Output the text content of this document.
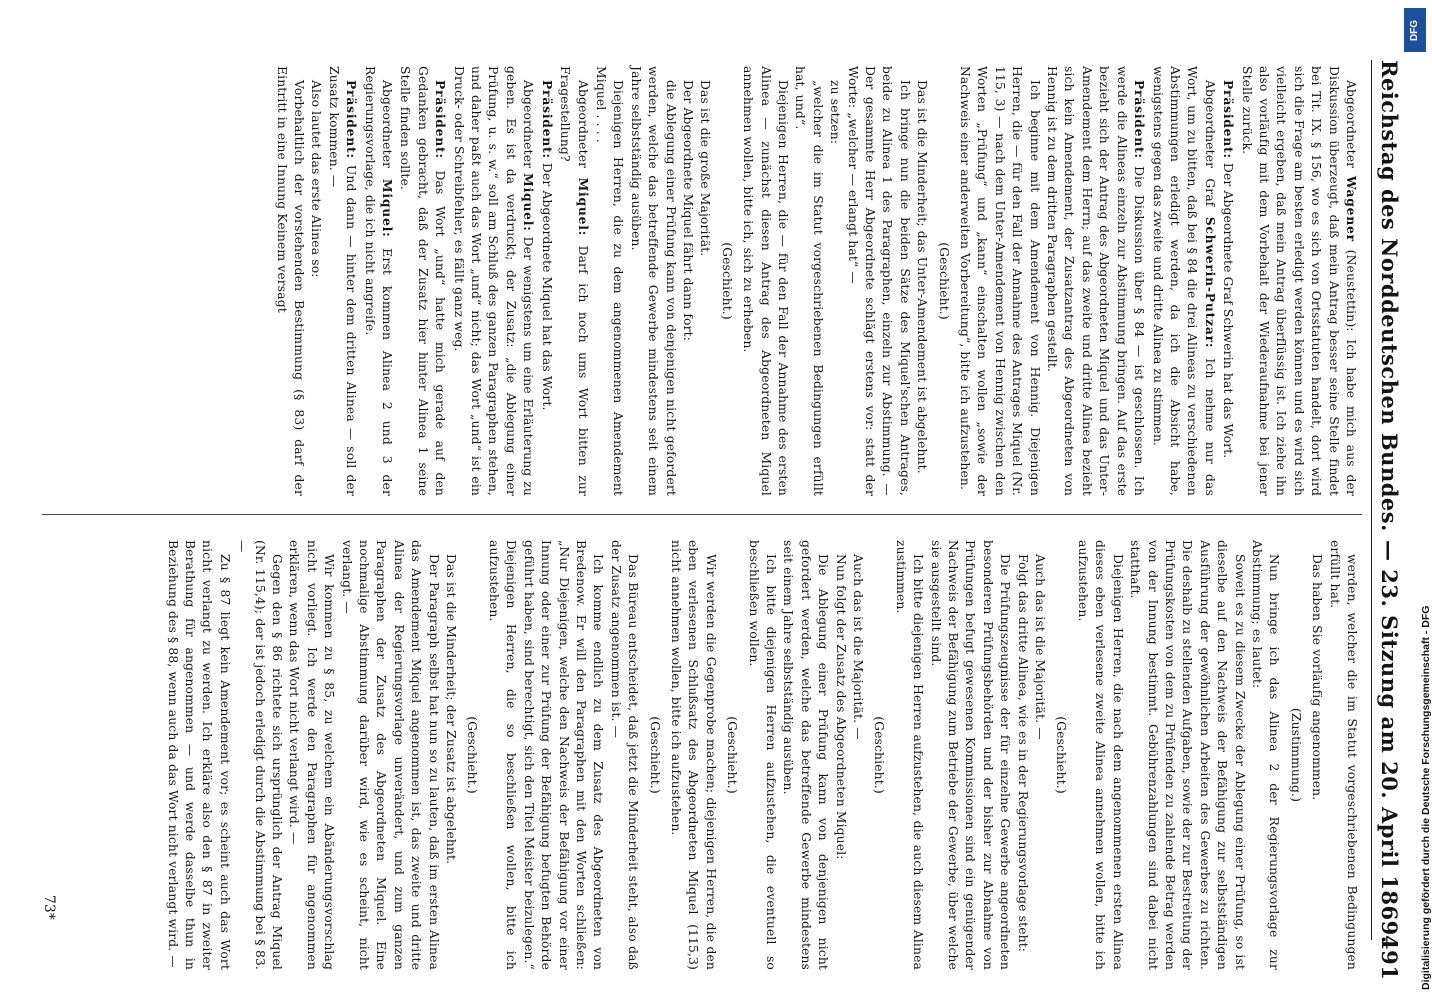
Reichstag des Norddeutschen Bundes.
— 23. Sitzung am 20. April 1869.
491

Abgeordneter Wagener (Neustettin): Ich habe mich aus der Diskussion überzeugt, daß mein Antrag besser seine Stelle findet bei Tit. IX. § 156, wo es sich von Ortsstatuten handelt, dort wird sich die Frage am besten erledigt werden können und es wird sich vielleicht ergeben, daß mein Antrag überflüssig ist. Ich ziehe ihn also vorläufig mit dem Vorbehalt der Wiederaufnahme bei jener Stelle zurück.

Präsident: Der Abgeordnete Graf Schwerin hat das Wort.

Abgeordneter Graf Schwerin-Putzar: Ich nehme nur das Wort, um zu bitten, daß bei § 84 die drei Alineas zu verschiedenen Abstimmungen erledigt werden, da ich die Absicht habe, wenigstens gegen das zweite und dritte Alinea zu stimmen.

Präsident: Die Diskussion über § 84 — ist geschlossen. Ich werde die Alineas einzeln zur Abstimmung bringen. Auf das erste bezieht sich der Antrag des Abgeordneten Miquel und das Unter-Amendement dem Herrn; auf das zweite und dritte Alinea bezieht sich kein Amendement, der Zusatzantrag des Abgeordneten von Hennig ist zu dem dritten Paragraphen gestellt.

Ich beginne mit dem Amendement von Hennig. Diejenigen Herren, die — für den Fall der Annahme des Antrages Miquel (Nr. 115, 3) — nach dem Unter-Amendement von Hennig zwischen den Worten „Prüfung“ und „kann“ einschalten wollen „sowie der Nachweis einer anderweiten Vorbereitung“, bitte ich aufzustehen.

(Geschieht.)

Das ist die Minderheit; das Unter-Amendement ist abgelehnt.

Ich bringe nun die beiden Sätze des Miquel'schen Antrages, beide zu Alinea 1 des Paragraphen, einzeln zur Abstimmung. — Der gesammte Herr Abgeordnete schlägt erstens vor: statt der Worte: „welcher — erlangt hat“ —

zu setzen:

„welcher die im Statut vorgeschriebenen Bedingungen erfüllt hat, und“.

Diejenigen Herren, die — für den Fall der Annahme des ersten Alinea — zunächst diesen Antrag des Abgeordneten Miquel annehmen wollen, bitte ich, sich zu erheben.

(Geschieht.)

Das ist die große Majorität.

Der Abgeordnete Miquel fährt dann fort:

die Ablegung einer Prüfung kann von denjenigen nicht gefordert werden, welche das betreffende Gewerbe mindestens seit einem Jahre selbstständig ausüben.

Diejenigen Herren, die zu dem angenommenen Amendement Miquel . . . .

Abgeordneter Miquel: Darf ich noch ums Wort bitten zur Fragestellung?

Präsident: Der Abgeordnete Miquel hat das Wort.

Abgeordneter Miquel: Der wenigstens um eine Erläuterung zu geben. Es ist da verdruckt; der Zusatz: „die Ablegung einer Prüfung, u. s. w.“ soll am Schluß des ganzen Paragraphen stehen, und daher paßt auch das Wort „und“ nicht; das Wort „und“ ist ein Druck- oder Schreibfehler, es fällt ganz weg.

Präsident: Das Wort „und“ hatte mich gerade auf den Gedanken gebracht, daß der Zusatz hier hinter Alinea 1 seine Stelle finden sollte.

Abgeordneter Miquel: Erst kommen Alinea 2 und 3 der Regierungsvorlage, die ich nicht angreife.

Präsident: Und dann — hinter dem dritten Alinea — soll der Zusatz kommen. —

Also lautet das erste Alinea so:

Vorbehaltlich der vorstehenden Bestimmung (§ 83) darf der Eintritt in eine Innung Keinem versagt

werden, welcher die im Statut vorgeschriebenen Bedingungen erfüllt hat.

Das haben Sie vorläufig angenommen.

(Zustimmung.)

Nun bringe ich das Alinea 2 der Regierungsvorlage zur Abstimmung; es lautet:

Soweit es zu diesem Zwecke der Ablegung einer Prüfung, so ist dieselbe auf den Nachweis der Befähigung zur selbstständigen Ausführung der gewöhnlichen Arbeiten des Gewerbes zu richten. Die deshalb zu stellenden Aufgaben, sowie der zur Bestreitung der Prüfungskosten von dem zu Prüfenden zu zahlende Betrag werden von der Innung bestimmt. Gebührenzahlungen sind dabei nicht statthaft.

Diejenigen Herren, die nach dem angenommenen ersten Alinea dieses eben verlesene zweite Alinea annehmen wollen, bitte ich aufzustehen.

(Geschieht.)

Auch das ist die Majorität. —

Folgt das dritte Alinea, wie es in der Regierungsvorlage steht:

Die Prüfungszeugnisse der für einzelne Gewerbe angeordneten besonderen Prüfungsbehörden und der bisher zur Abnahme von Prüfungen befugt gewesenen Kommissionen sind ein genügender Nachweis der Befähigung zum Betriebe der Gewerbe, über welche sie ausgestellt sind.

Ich bitte diejenigen Herren aufzustehen, die auch diesem Alinea zustimmen.

(Geschieht.)

Auch das ist die Majorität. —

Nun folgt der Zusatz des Abgeordneten Miquel:

Die Ablegung einer Prüfung kann von denjenigen nicht gefordert werden, welche das betreffende Gewerbe mindestens seit einem Jahre selbstständig ausüben.

Ich bitte diejenigen Herren aufzustehen, die eventuell so beschließen wollen.

(Geschieht.)

Wir werden die Gegenprobe machen; diejenigen Herren, die den eben verlesenen Schlußsatz des Abgeordneten Miquel (115,3) nicht annehmen wollen, bitte ich aufzustehen.

(Geschieht.)

Das Büreau entscheidet, daß jetzt die Minderheit steht, also daß der Zusatz angenommen ist. —

Ich komme endlich zu dem Zusatz des Abgeordneten von Bredenow. Er will den Paragraphen mit den Worten schließen: „Nur Diejenigen, welche den Nachweis der Befähigung vor einer Innung oder einer zur Prüfung der Befähigung befugten Behörde geführt haben, sind berechtigt, sich den Titel Meister beizulegen.“ Diejenigen Herren, die so beschließen wollen, bitte ich aufzustehen.

(Geschieht.)

Das ist die Minderheit; der Zusatz ist abgelehnt.

Der Paragraph selbst hat nun so zu lauten, daß im ersten Alinea das Amendement Miquel angenommen ist, das zweite und dritte Alinea der Regierungsvorlage unverändert, und zum ganzen Paragraphen der Zusatz des Abgeordneten Miquel. Eine nochmalige Abstimmung darüber wird, wie es scheint, nicht verlangt. —

Wir kommen zu § 85, zu welchem ein Abänderungsvorschlag nicht vorliegt. Ich werde den Paragraphen für angenommen erklären, wenn das Wort nicht verlangt wird. —

Gegen den § 86 richtete sich ursprünglich der Antrag Miquel (Nr. 115,4); der ist jedoch erledigt durch die Abstimmung bei § 83. —

Zu § 87 liegt kein Amendement vor; es scheint auch das Wort nicht verlangt zu werden. Ich erkläre also den § 87 in zweiter Berathung für angenommen — und werde dasselbe thun in Beziehung des § 88, wenn auch da das Wort nicht verlangt wird. —

73*
DFG
Digitalisierung gefördert durch die Deutsche Forschungsgemeinschaft - DFG
